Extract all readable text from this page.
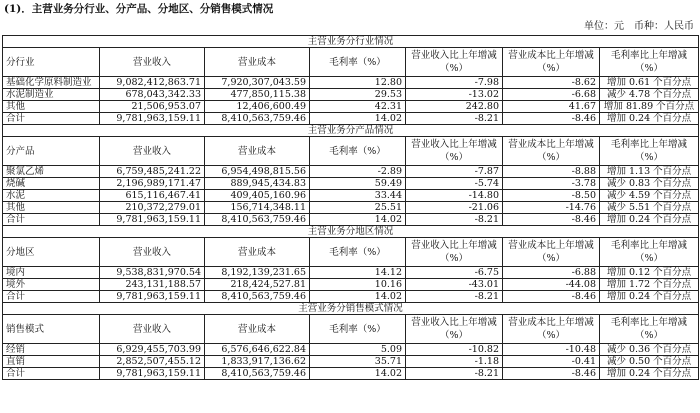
(1)．主营业务分行业、分产品、分地区、分销售模式情况
单位：元　币种：人民币
主营业务分行业情况						
分行业	营业收入	营业成本	毛利率（%）	营业收入比上年增减（%）	营业成本比上年增减（%）	毛利率比上年增减（%）
基础化学原料制造业	9,082,412,863.71	7,920,307,043.59	12.80	-7.98	-8.62	增加 0.61 个百分点
水泥制造业	678,043,342.33	477,850,115.38	29.53	-13.02	-6.68	减少 4.78 个百分点
其他	21,506,953.07	12,406,600.49	42.31	242.80	41.67	增加 81.89 个百分点
合计	9,781,963,159.11	8,410,563,759.46	14.02	-8.21	-8.46	增加 0.24 个百分点
主营业务分产品情况						
分产品	营业收入	营业成本	毛利率（%）	营业收入比上年增减（%）	营业成本比上年增减（%）	毛利率比上年增减（%）
聚氯乙烯	6,759,485,241.22	6,954,498,815.56	-2.89	-7.87	-8.88	增加 1.13 个百分点
烧碱	2,196,989,171.47	889,945,434.83	59.49	-5.74	-3.78	减少 0.83 个百分点
水泥	615,116,467.41	409,405,160.96	33.44	-14.80	-8.50	减少 4.59 个百分点
其他	210,372,279.01	156,714,348.11	25.51	-21.06	-14.76	减少 5.51 个百分点
合计	9,781,963,159.11	8,410,563,759.46	14.02	-8.21	-8.46	增加 0.24 个百分点
主营业务分地区情况						
分地区	营业收入	营业成本	毛利率（%）	营业收入比上年增减（%）	营业成本比上年增减（%）	毛利率比上年增减（%）
境内	9,538,831,970.54	8,192,139,231.65	14.12	-6.75	-6.88	增加 0.12 个百分点
境外	243,131,188.57	218,424,527.81	10.16	-43.01	-44.08	增加 1.72 个百分点
合计	9,781,963,159.11	8,410,563,759.46	14.02	-8.21	-8.46	增加 0.24 个百分点
主营业务分销售模式情况						
销售模式	营业收入	营业成本	毛利率（%）	营业收入比上年增减（%）	营业成本比上年增减（%）	毛利率比上年增减（%）
经销	6,929,455,703.99	6,576,646,622.84	5.09	-10.82	-10.48	减少 0.36 个百分点
直销	2,852,507,455.12	1,833,917,136.62	35.71	-1.18	-0.41	减少 0.50 个百分点
合计	9,781,963,159.11	8,410,563,759.46	14.02	-8.21	-8.46	增加 0.24 个百分点
